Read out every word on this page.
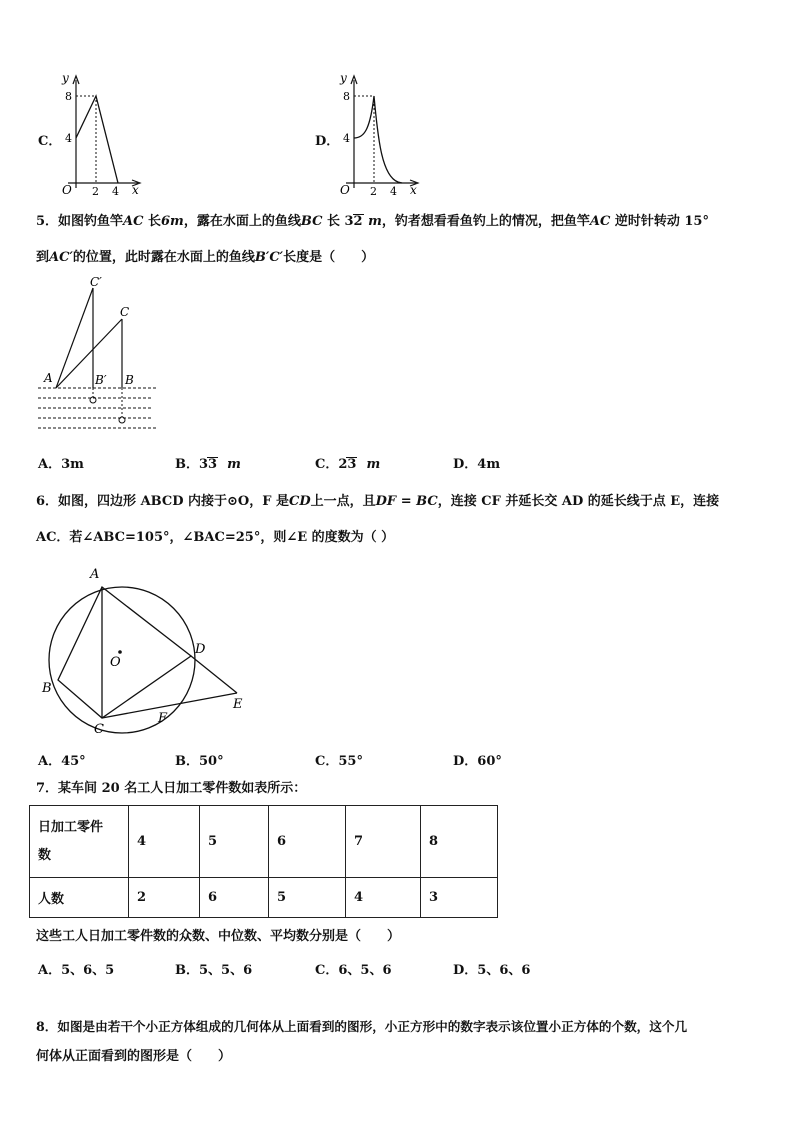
C．
y
8
4
O 2 4 x
D．
y
8
4
O 2 4 x
5．如图钓鱼竿AC 长6m，露在水面上的鱼线BC 长 32 m，钓者想看看鱼钓上的情况，把鱼竿AC 逆时针转动 15°
到AC′的位置，此时露在水面上的鱼线B′C′长度是（　　）
C′
C
A	B′ B
A．3m	B．33 m	C．23 m	D．4m
6．如图，四边形 ABCD 内接于⊙O，F 是CD上一点，且DF = BC，连接 CF 并延长交 AD 的延长线于点 E，连接
AC．若∠ABC=105°，∠BAC=25°，则∠E 的度数为（ ）
A
B
C
D
E
F
O
A．45°	B．50°	C．55°	D．60°
7．某车间 20 名工人日加工零件数如表所示：
日加工零件
数	4	5	6	7	8
人数	2	6	5	4	3
这些工人日加工零件数的众数、中位数、平均数分别是（　　）
A．5、6、5	B．5、5、6	C．6、5、6	D．5、6、6
8．如图是由若干个小正方体组成的几何体从上面看到的图形，小正方形中的数字表示该位置小正方体的个数，这个几
何体从正面看到的图形是（　　）
